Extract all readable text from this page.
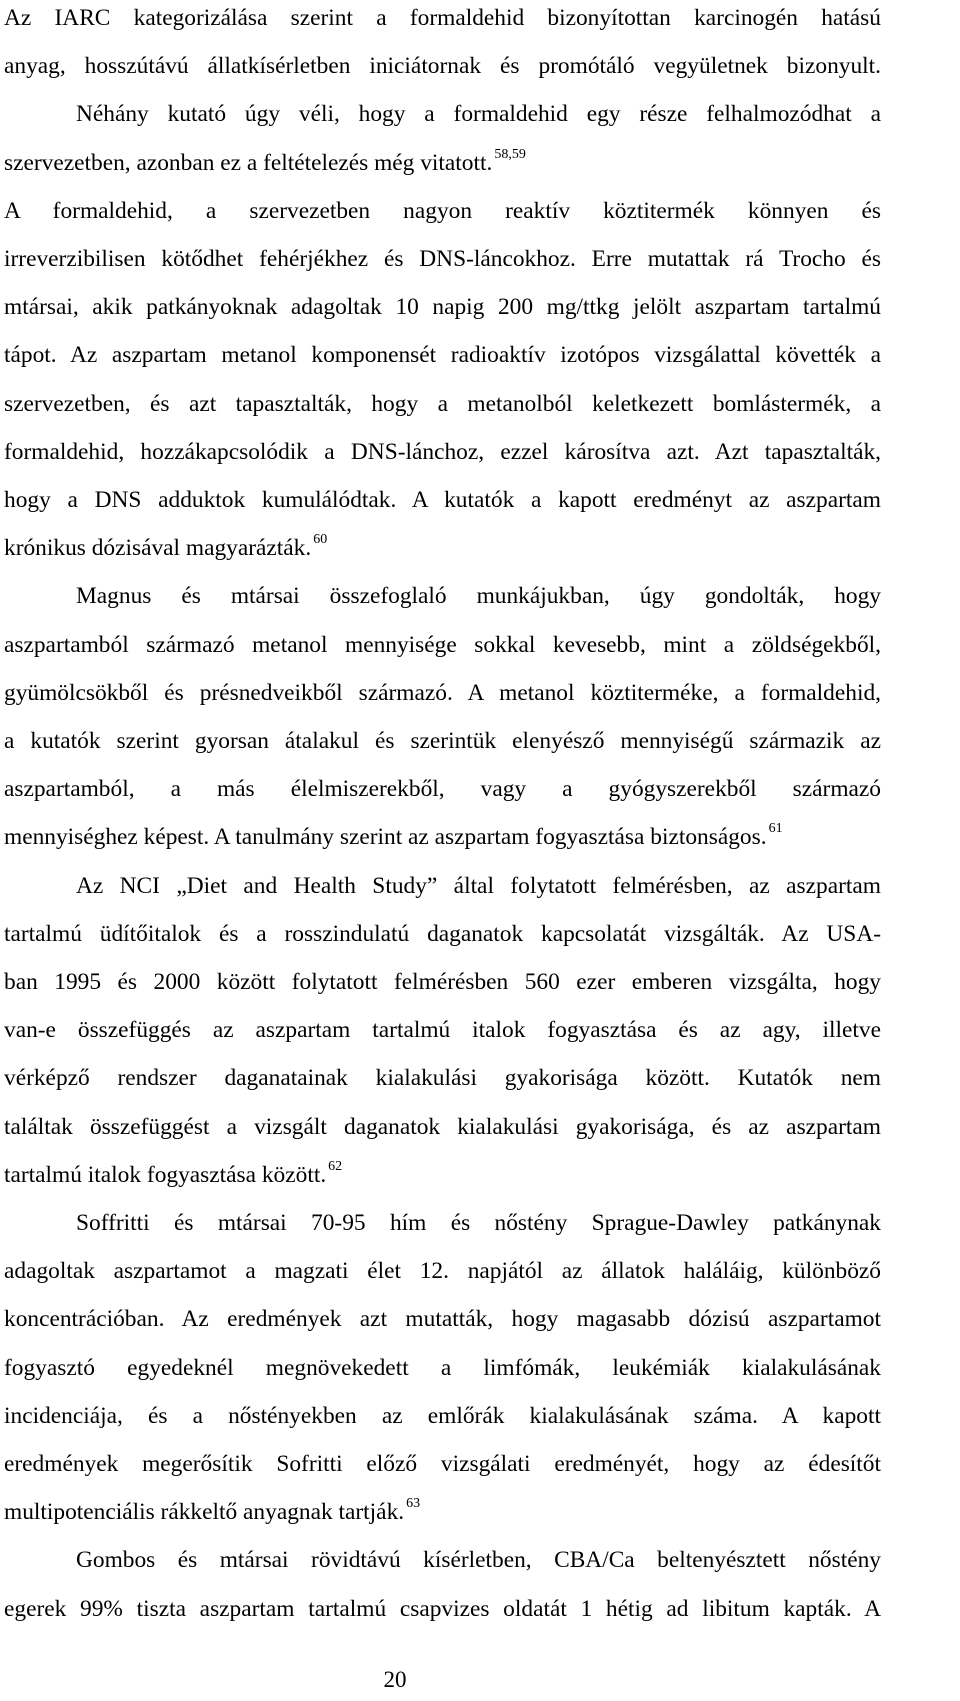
Az IARC kategorizálása szerint a formaldehid bizonyítottan karcinogén hatású
anyag, hosszútávú állatkísérletben iniciátornak és promótáló vegyületnek bizonyult.
Néhány kutató úgy véli, hogy a formaldehid egy része felhalmozódhat a
szervezetben, azonban ez a feltételezés még vitatott. $^{58,59}$
A formaldehid, a szervezetben nagyon reaktív köztitermék könnyen és
irreverzibilisen kötődhet fehérjékhez és DNS-láncokhoz. Erre mutattak rá Trocho és
mtársai, akik patkányoknak adagoltak 10 napig 200 mg/ttkg jelölt aszpartam tartalmú
tápot. Az aszpartam metanol komponensét radioaktív izotópos vizsgálattal követték a
szervezetben, és azt tapasztalták, hogy a metanolból keletkezett bomlástermék, a
formaldehid, hozzákapcsolódik a DNS-lánchoz, ezzel károsítva azt. Azt tapasztalták,
hogy a DNS adduktok kumulálódtak. A kutatók a kapott eredményt az aszpartam
krónikus dózisával magyarázták. $^{60}$
Magnus és mtársai összefoglaló munkájukban, úgy gondolták, hogy
aszpartamból származó metanol mennyisége sokkal kevesebb, mint a zöldségekből,
gyümölcsökből és présnedveikből származó. A metanol köztiterméke, a formaldehid,
a kutatók szerint gyorsan átalakul és szerintük elenyésző mennyiségű származik az
aszpartamból, a más élelmiszerekből, vagy a gyógyszerekből származó
mennyiséghez képest. A tanulmány szerint az aszpartam fogyasztása biztonságos. $^{61}$
Az NCI „Diet and Health Study” által folytatott felmérésben, az aszpartam
tartalmú üdítőitalok és a rosszindulatú daganatok kapcsolatát vizsgálták. Az USA-
ban 1995 és 2000 között folytatott felmérésben 560 ezer emberen vizsgálta, hogy
van-e összefüggés az aszpartam tartalmú italok fogyasztása és az agy, illetve
vérképző rendszer daganatainak kialakulási gyakorisága között. Kutatók nem
találtak összefüggést a vizsgált daganatok kialakulási gyakorisága, és az aszpartam
tartalmú italok fogyasztása között. $^{62}$
Soffritti és mtársai 70-95 hím és nőstény Sprague-Dawley patkánynak
adagoltak aszpartamot a magzati élet 12. napjától az állatok haláláig, különböző
koncentrációban. Az eredmények azt mutatták, hogy magasabb dózisú aszpartamot
fogyasztó egyedeknél megnövekedett a limfómák, leukémiák kialakulásának
incidenciája, és a nőstényekben az emlőrák kialakulásának száma. A kapott
eredmények megerősítik Sofritti előző vizsgálati eredményét, hogy az édesítőt
multipotenciális rákkeltő anyagnak tartják. $^{63}$
Gombos és mtársai rövidtávú kísérletben, CBA/Ca beltenyésztett nőstény
egerek 99% tiszta aszpartam tartalmú csapvizes oldatát 1 hétig ad libitum kapták. A
20
